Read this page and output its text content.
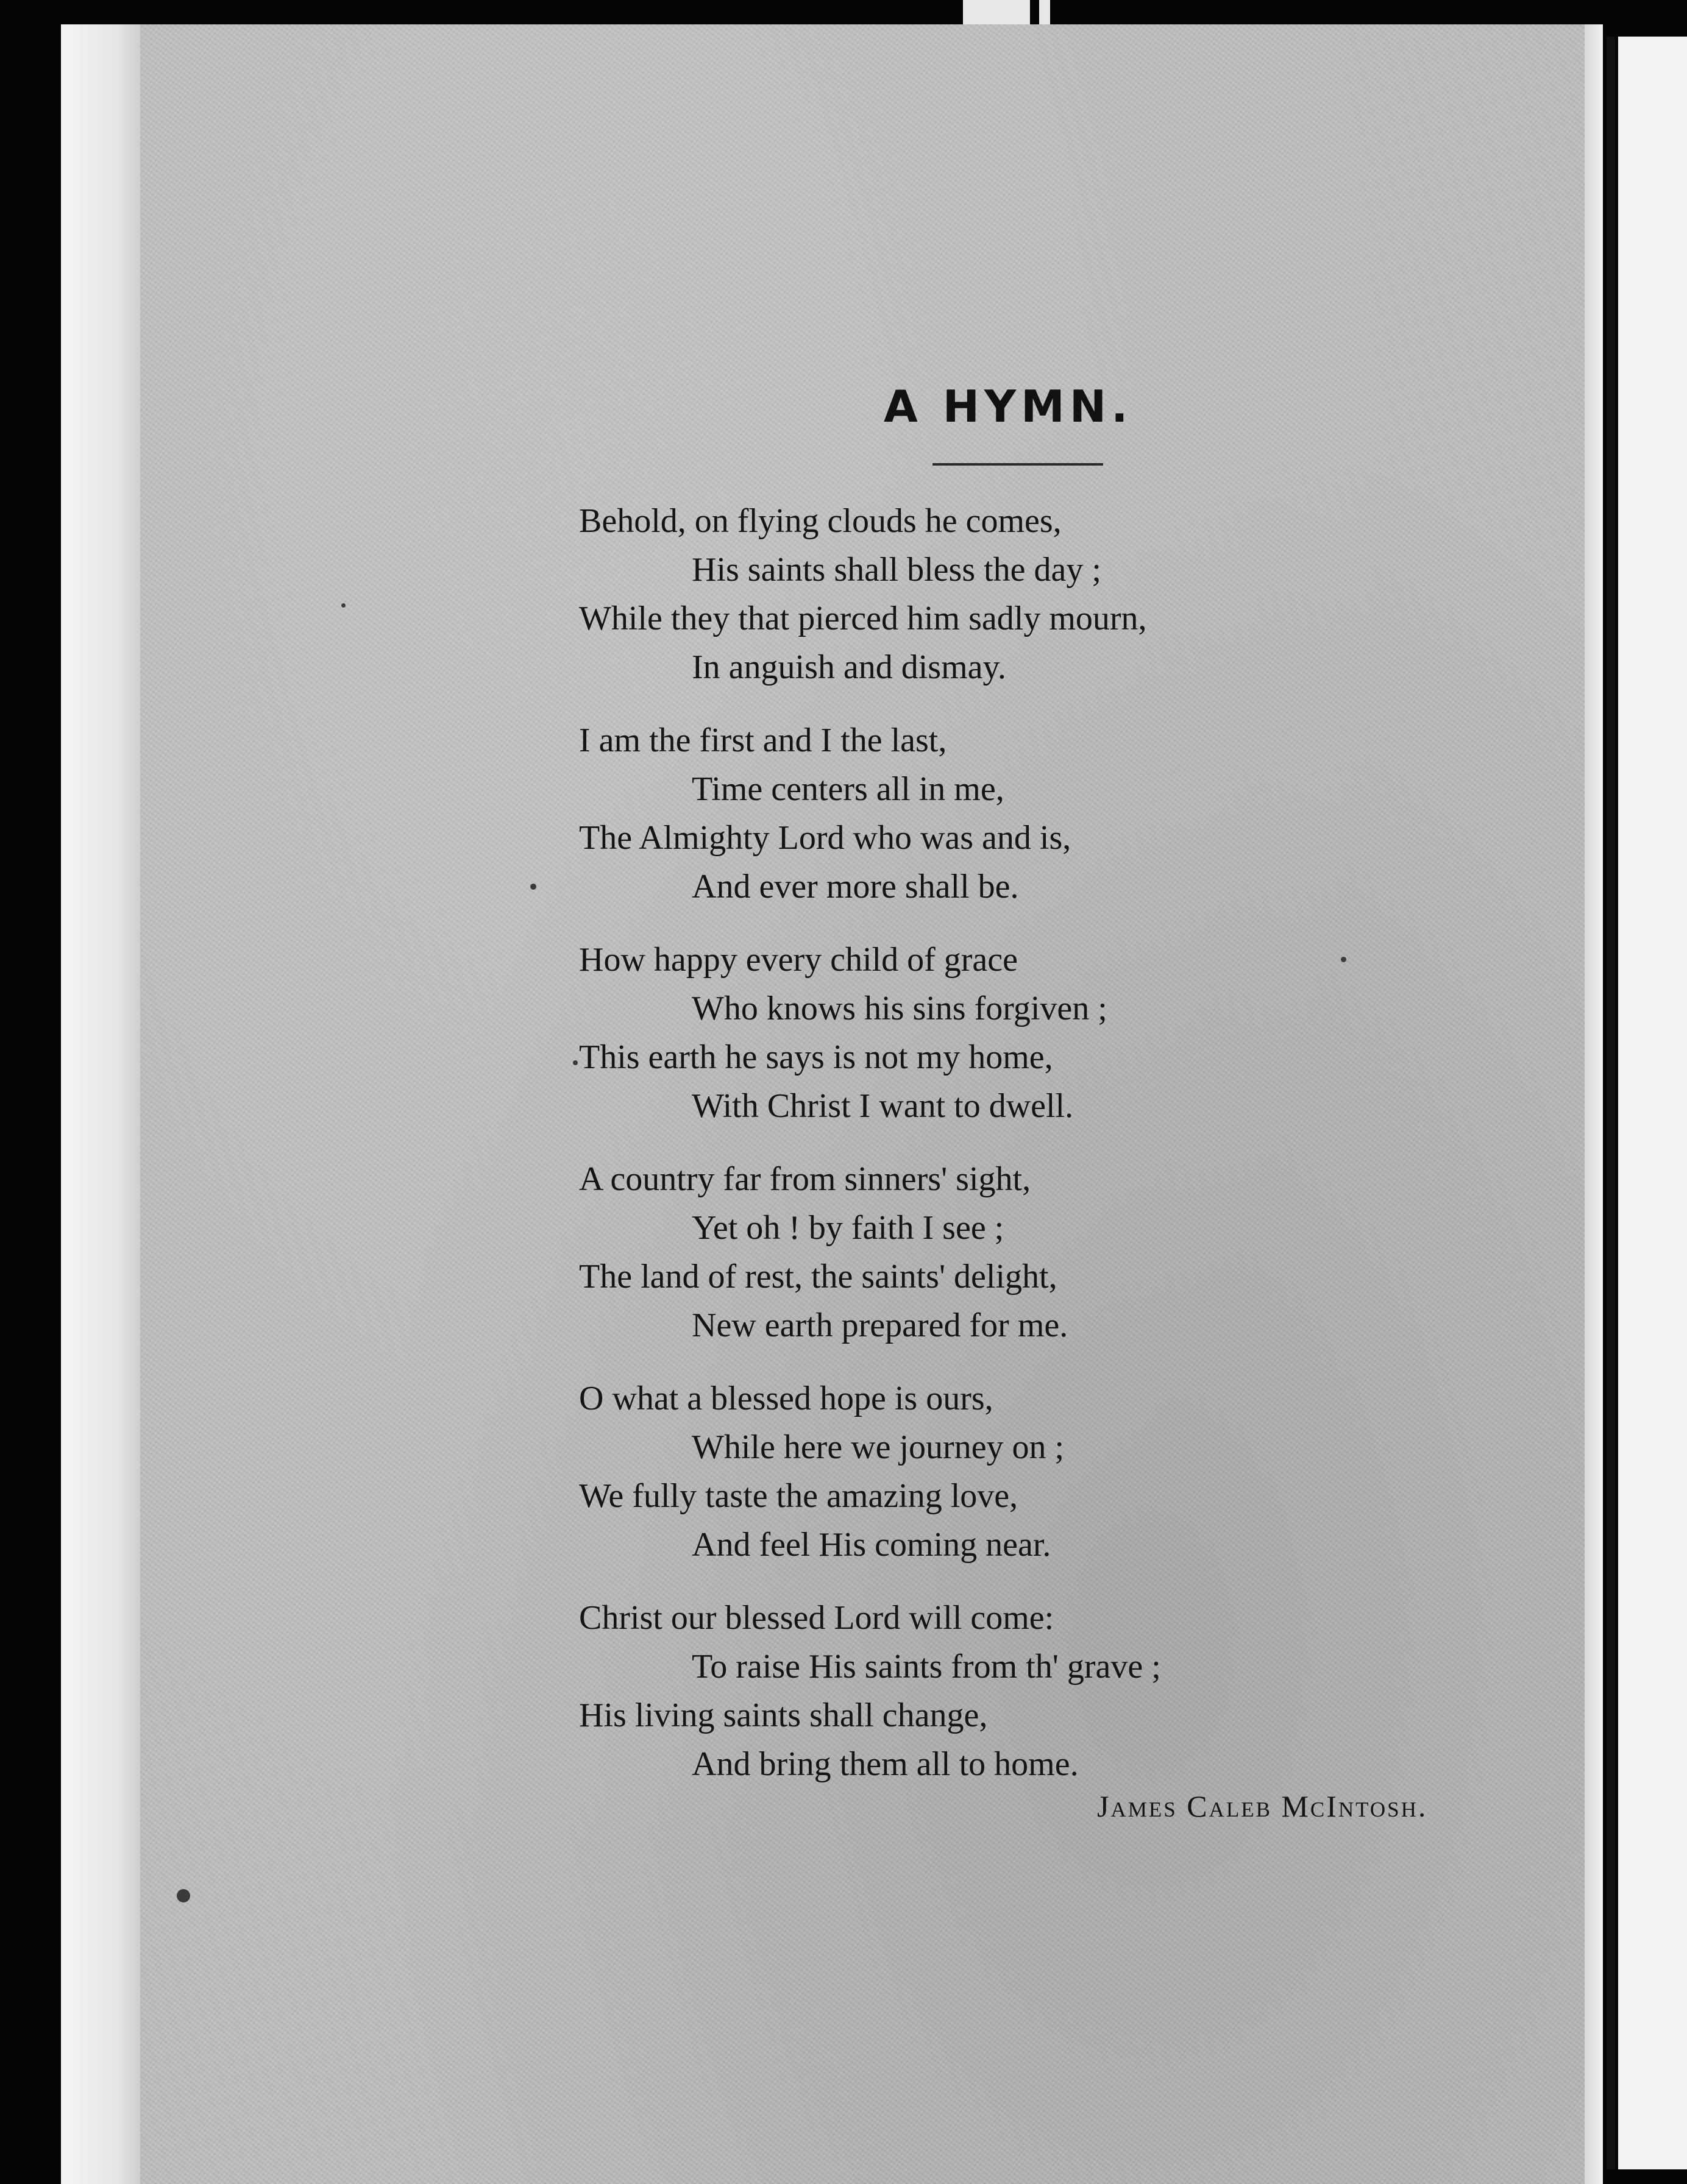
A HYMN.
Behold, on flying clouds he comes,
His saints shall bless the day ;
While they that pierced him sadly mourn,
In anguish and dismay.
I am the first and I the last,
Time centers all in me,
The Almighty Lord who was and is,
And ever more shall be.
How happy every child of grace
Who knows his sins forgiven ;
This earth he says is not my home,
With Christ I want to dwell.
A country far from sinners' sight,
Yet oh ! by faith I see ;
The land of rest, the saints' delight,
New earth prepared for me.
O what a blessed hope is ours,
While here we journey on ;
We fully taste the amazing love,
And feel His coming near.
Christ our blessed Lord will come:
To raise His saints from th' grave ;
His living saints shall change,
And bring them all to home.
James Caleb McIntosh.
